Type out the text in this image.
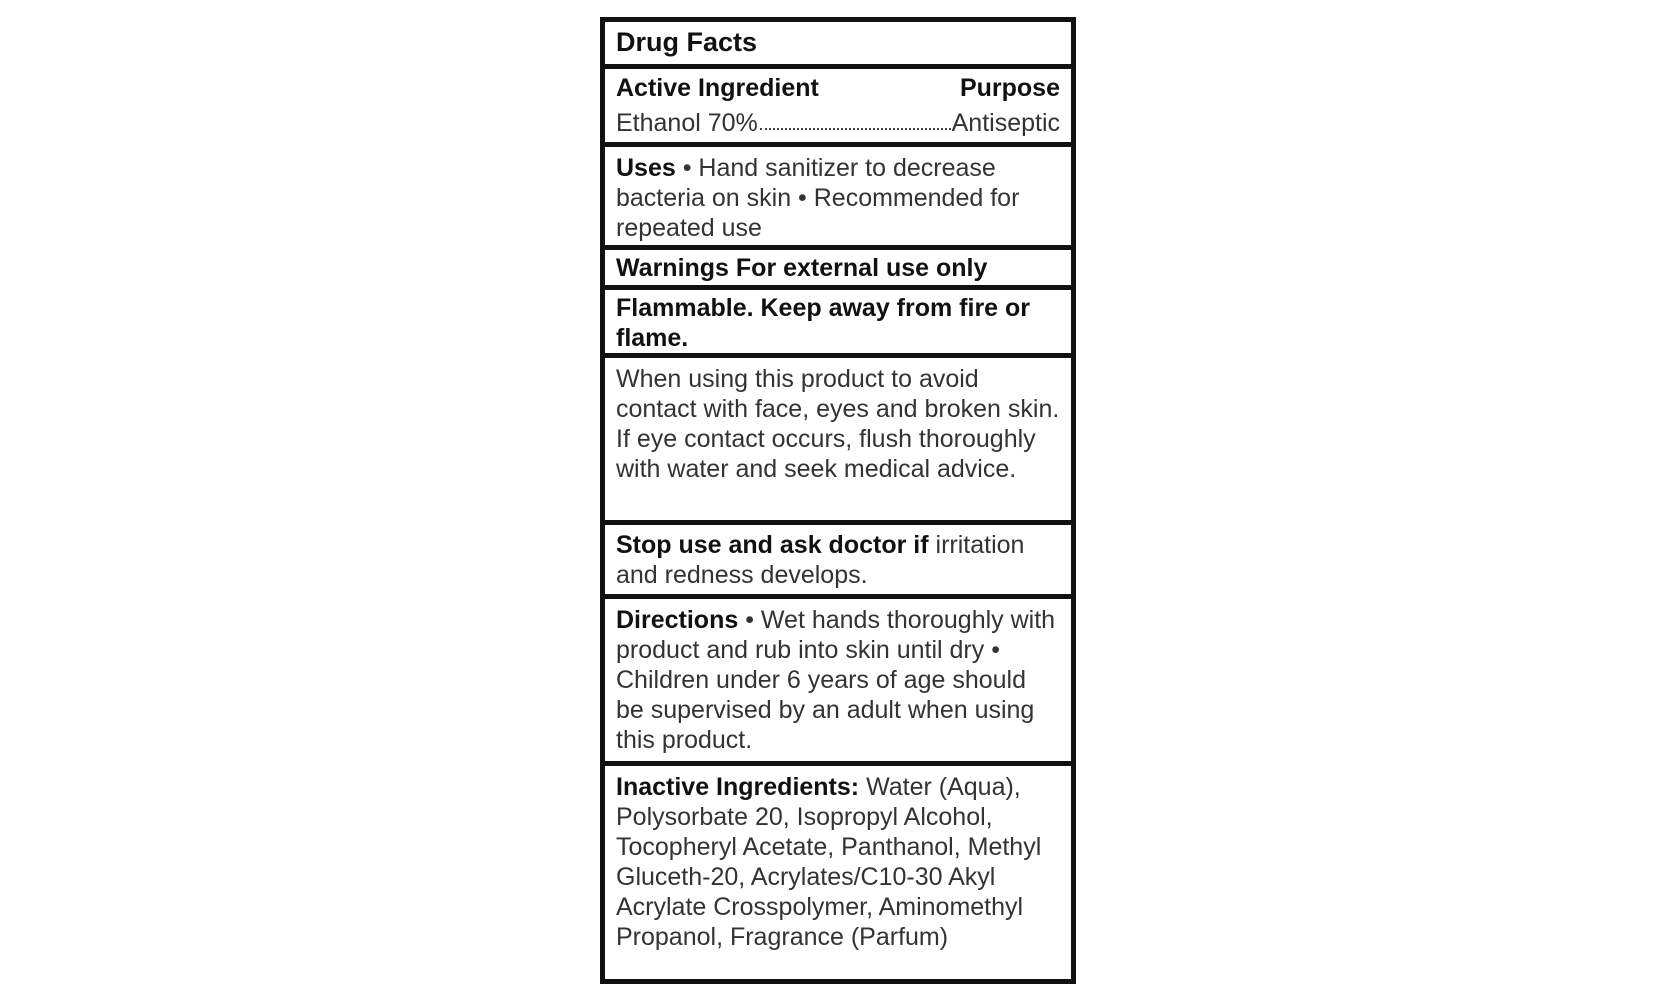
Drug Facts
Active Ingredient	Purpose
Ethanol 70%	Antiseptic
Uses • Hand sanitizer to decrease bacteria on skin • Recommended for repeated use
Warnings For external use only
Flammable. Keep away from fire or flame.
When using this product to avoid contact with face, eyes and broken skin. If eye contact occurs, flush thoroughly with water and seek medical advice.
Stop use and ask doctor if irritation and redness develops.
Directions • Wet hands thoroughly with product and rub into skin until dry • Children under 6 years of age should be supervised by an adult when using this product.
Inactive Ingredients: Water (Aqua), Polysorbate 20, Isopropyl Alcohol, Tocopheryl Acetate, Panthanol, Methyl Gluceth-20, Acrylates/C10-30 Akyl Acrylate Crosspolymer, Aminomethyl Propanol, Fragrance (Parfum)
